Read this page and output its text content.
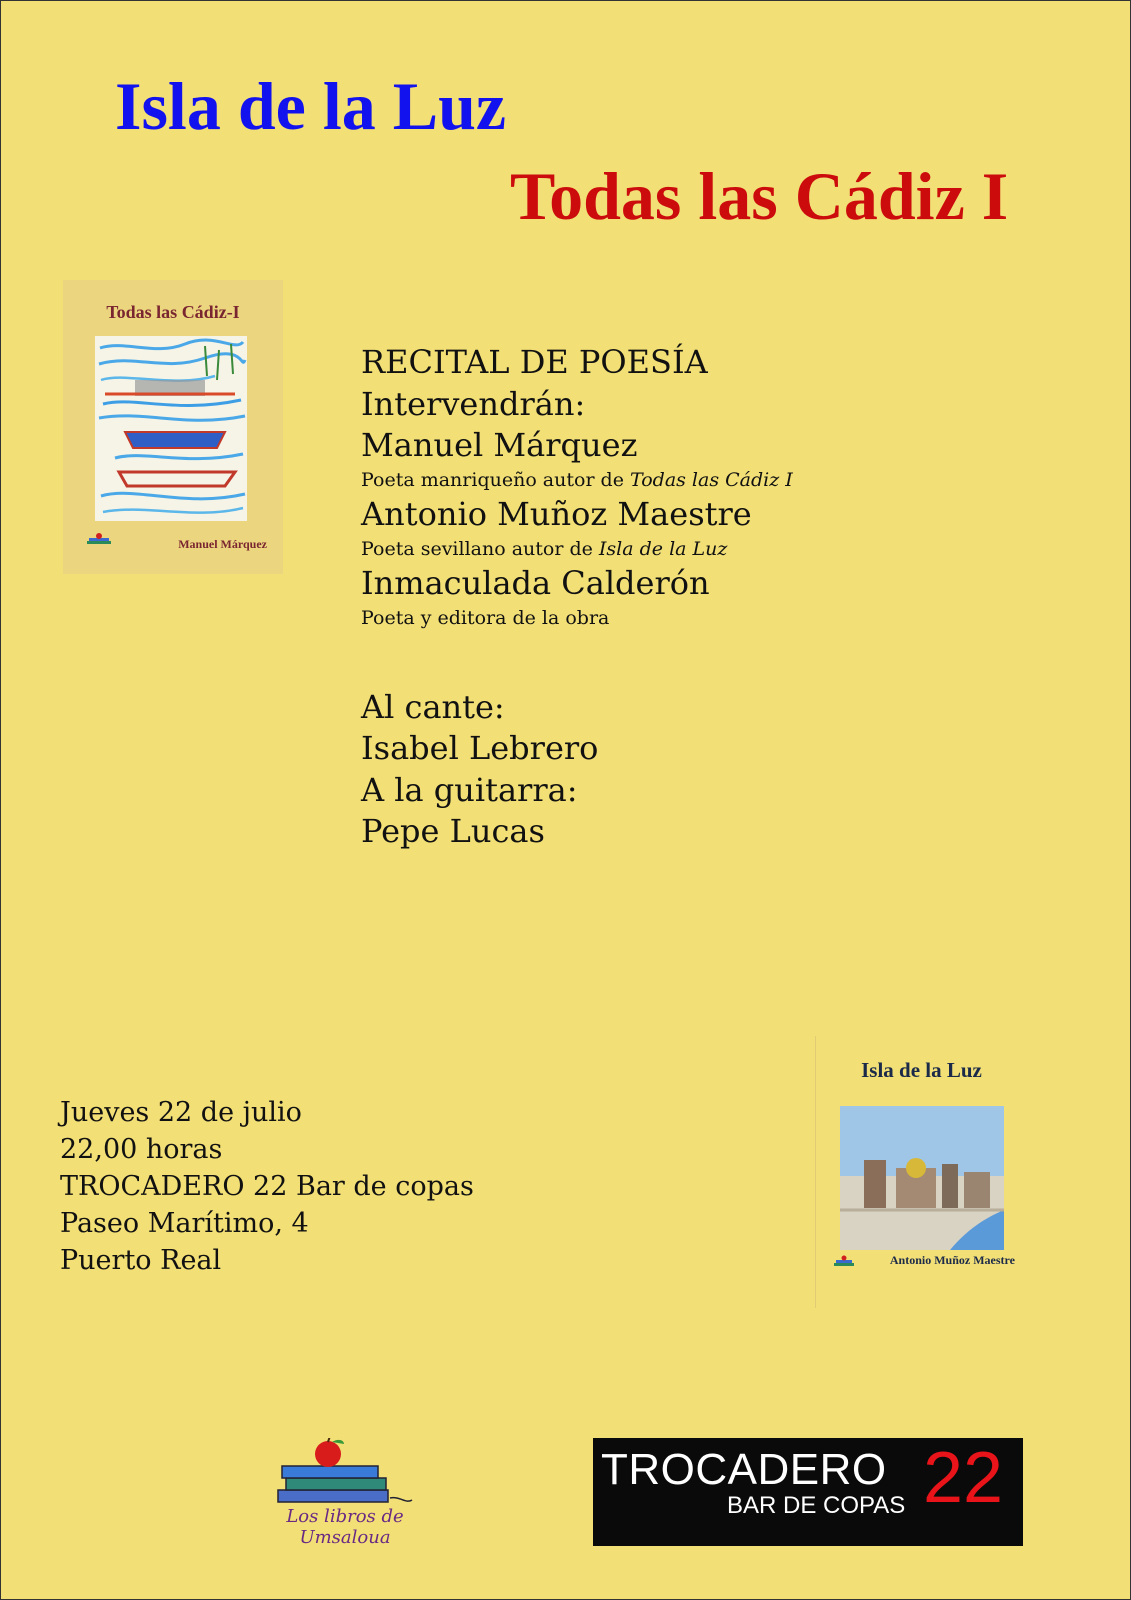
Isla de la Luz
Todas las Cádiz I
Todas las Cádiz-I
Manuel Márquez
RECITAL DE POESÍA
Intervendrán:
Manuel Márquez
Poeta manriqueño autor de Todas las Cádiz I
Antonio Muñoz Maestre
Poeta sevillano autor de Isla de la Luz
Inmaculada Calderón
Poeta y editora de la obra
Al cante:
Isabel Lebrero
A la guitarra:
Pepe Lucas
Jueves 22 de julio
22,00 horas
TROCADERO 22 Bar de copas
Paseo Marítimo, 4
Puerto Real
Isla de la Luz
Antonio Muñoz Maestre
Los libros de Umsaloua
TROCADERO
BAR DE COPAS 22
